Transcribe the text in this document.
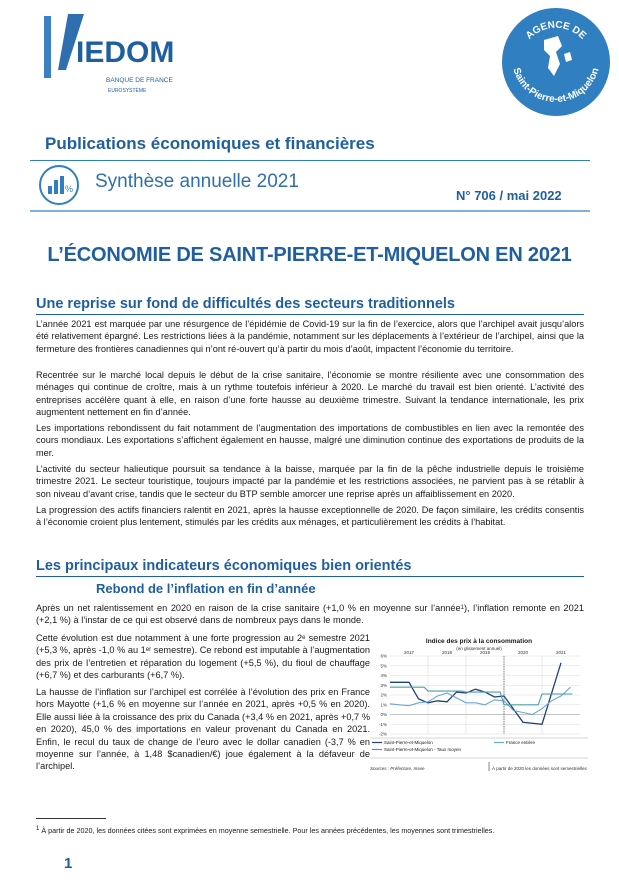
IEDOM
BANQUE DE FRANCE
EUROSYSTÈME
AGENCE DE
Saint-Pierre-et-Miquelon
Publications économiques et financières
% Synthèse annuelle 2021
N° 706 / mai 2022
L’ÉCONOMIE DE SAINT-PIERRE-ET-MIQUELON EN 2021
Une reprise sur fond de difficultés des secteurs traditionnels
L’année 2021 est marquée par une résurgence de l’épidémie de Covid-19 sur la fin de l’exercice, alors que l’archipel avait jusqu’alors été relativement épargné. Les restrictions liées à la pandémie, notamment sur les déplacements à l’extérieur de l’archipel, ainsi que la fermeture des frontières canadiennes qui n’ont ré-ouvert qu’à partir du mois d’août, impactent l’économie du territoire.
Recentrée sur le marché local depuis le début de la crise sanitaire, l’économie se montre résiliente avec une consommation des ménages qui continue de croître, mais à un rythme toutefois inférieur à 2020. Le marché du travail est bien orienté. L’activité des entreprises accélère quant à elle, en raison d’une forte hausse au deuxième trimestre. Suivant la tendance internationale, les prix augmentent nettement en fin d’année.
Les importations rebondissent du fait notamment de l’augmentation des importations de combustibles en lien avec la remontée des cours mondiaux. Les exportations s’affichent également en hausse, malgré une diminution continue des exportations de produits de la mer.
L’activité du secteur halieutique poursuit sa tendance à la baisse, marquée par la fin de la pêche industrielle depuis le troisième trimestre 2021. Le secteur touristique, toujours impacté par la pandémie et les restrictions associées, ne parvient pas à se rétablir à son niveau d’avant crise, tandis que le secteur du BTP semble amorcer une reprise après un affaiblissement en 2020.
La progression des actifs financiers ralentit en 2021, après la hausse exceptionnelle de 2020. De façon similaire, les crédits consentis à l’économie croient plus lentement, stimulés par les crédits aux ménages, et particulièrement les crédits à l’habitat.
Les principaux indicateurs économiques bien orientés
Rebond de l’inflation en fin d’année
Après un net ralentissement en 2020 en raison de la crise sanitaire (+1,0 % en moyenne sur l’année$^1$), l’inflation remonte en 2021 (+2,1 %) à l’instar de ce qui est observé dans de nombreux pays dans le monde.
Cette évolution est due notamment à une forte progression au 2e semestre 2021 (+5,3 %, après -1,0 % au 1er semestre). Ce rebond est imputable à l’augmentation des prix de l’entretien et réparation du logement (+5,5 %), du fioul de chauffage (+6,7 %) et des carburants (+6,7 %).
La hausse de l’inflation sur l’archipel est corrélée à l’évolution des prix en France hors Mayotte (+1,6 % en moyenne sur l’année en 2021, après +0,5 % en 2020). Elle aussi liée à la croissance des prix du Canada (+3,4 % en 2021, après +0,7 % en 2020), 45,0 % des importations en valeur provenant du Canada en 2021. Enfin, le recul du taux de change de l’euro avec le dollar canadien (-3,7 % en moyenne sur l’année, à 1,48 $canadien/€) joue également à la défaveur de l’archipel.
Indice des prix à la consommation
(en glissement annuel)
6%
5%
4%
3%
2%
1%
0%
-1%
-2%
2017	2018	2019	2020	2021
Saint-Pierre-et-Miquelon	France entière
Saint-Pierre-et-Miquelon - Taux moyen
Sources : Préfecture, Insee	À partir de 2020 les données sont semestrielles
$^1$ À partir de 2020, les données citées sont exprimées en moyenne semestrielle. Pour les années précédentes, les moyennes sont trimestrielles.
1
